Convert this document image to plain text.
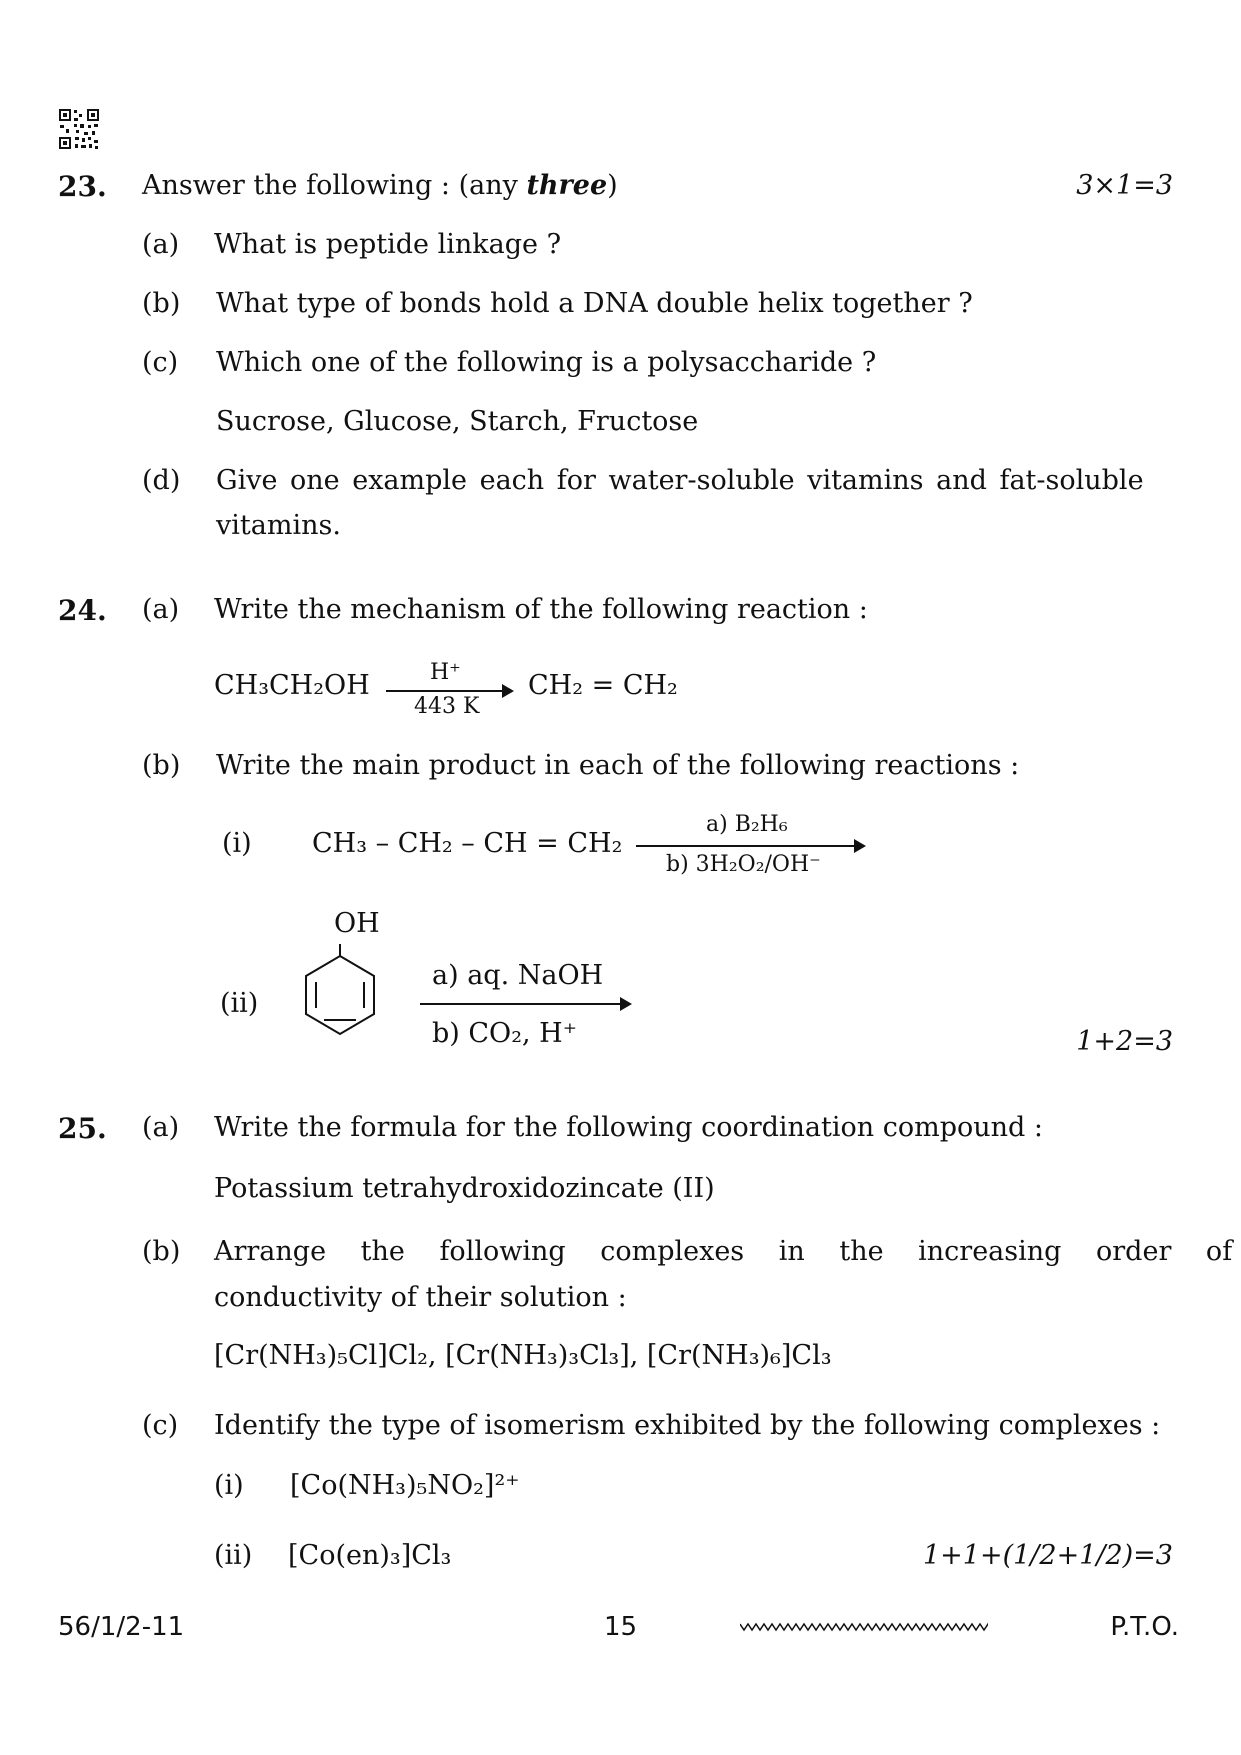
23. Answer the following : (any three)	3×1=3
(a) What is peptide linkage ?
(b) What type of bonds hold a DNA double helix together ?
(c) Which one of the following is a polysaccharide ?
Sucrose, Glucose, Starch, Fructose
(d) Give one example each for water-soluble vitamins and fat-soluble
vitamins.
24. (a) Write the mechanism of the following reaction :
CH₃CH₂OH	H⁺
443 K
CH₂ = CH₂
(b) Write the main product in each of the following reactions :
(i) CH₃ – CH₂ – CH = CH₂
a) B₂H₆
b) 3H₂O₂/OH⁻
(ii)
OH
a) aq. NaOH
b) CO₂, H⁺	1+2=3
25. (a) Write the formula for the following coordination compound :
Potassium tetrahydroxidozincate (II)
(b) Arrange the following complexes in the increasing order of
conductivity of their solution :
[Cr(NH₃)₅Cl]Cl₂, [Cr(NH₃)₃Cl₃], [Cr(NH₃)₆]Cl₃
(c) Identify the type of isomerism exhibited by the following complexes :
(i) [Co(NH₃)₅NO₂]²⁺
(ii) [Co(en)₃]Cl₃	1+1+(1/2+1/2)=3
56/1/2-11	15	P.T.O.
